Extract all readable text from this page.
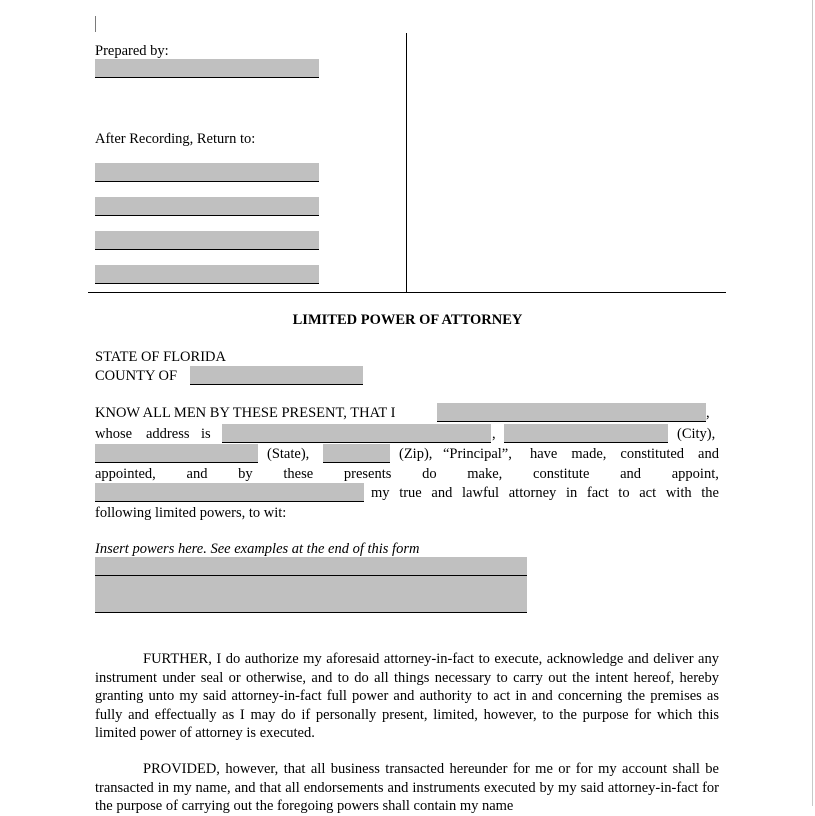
Prepared by:
After Recording, Return to:
LIMITED POWER OF ATTORNEY
STATE OF FLORIDA
COUNTY OF
KNOW ALL MEN BY THESE PRESENT, THAT I	,
whose address is	,	(City),
(State),	(Zip), “Principal”, have made, constituted and
appointed, and by these presents do make, constitute and appoint,
my true and lawful attorney in fact to act with the
following limited powers, to wit:
Insert powers here. See examples at the end of this form
FURTHER, I do authorize my aforesaid attorney-in-fact to execute, acknowledge and deliver any instrument under seal or otherwise, and to do all things necessary to carry out the intent hereof, hereby granting unto my said attorney-in-fact full power and authority to act in and concerning the premises as fully and effectually as I may do if personally present, limited, however, to the purpose for which this limited power of attorney is executed.
PROVIDED, however, that all business transacted hereunder for me or for my account shall be transacted in my name, and that all endorsements and instruments executed by my said attorney-in-fact for the purpose of carrying out the foregoing powers shall contain my name
